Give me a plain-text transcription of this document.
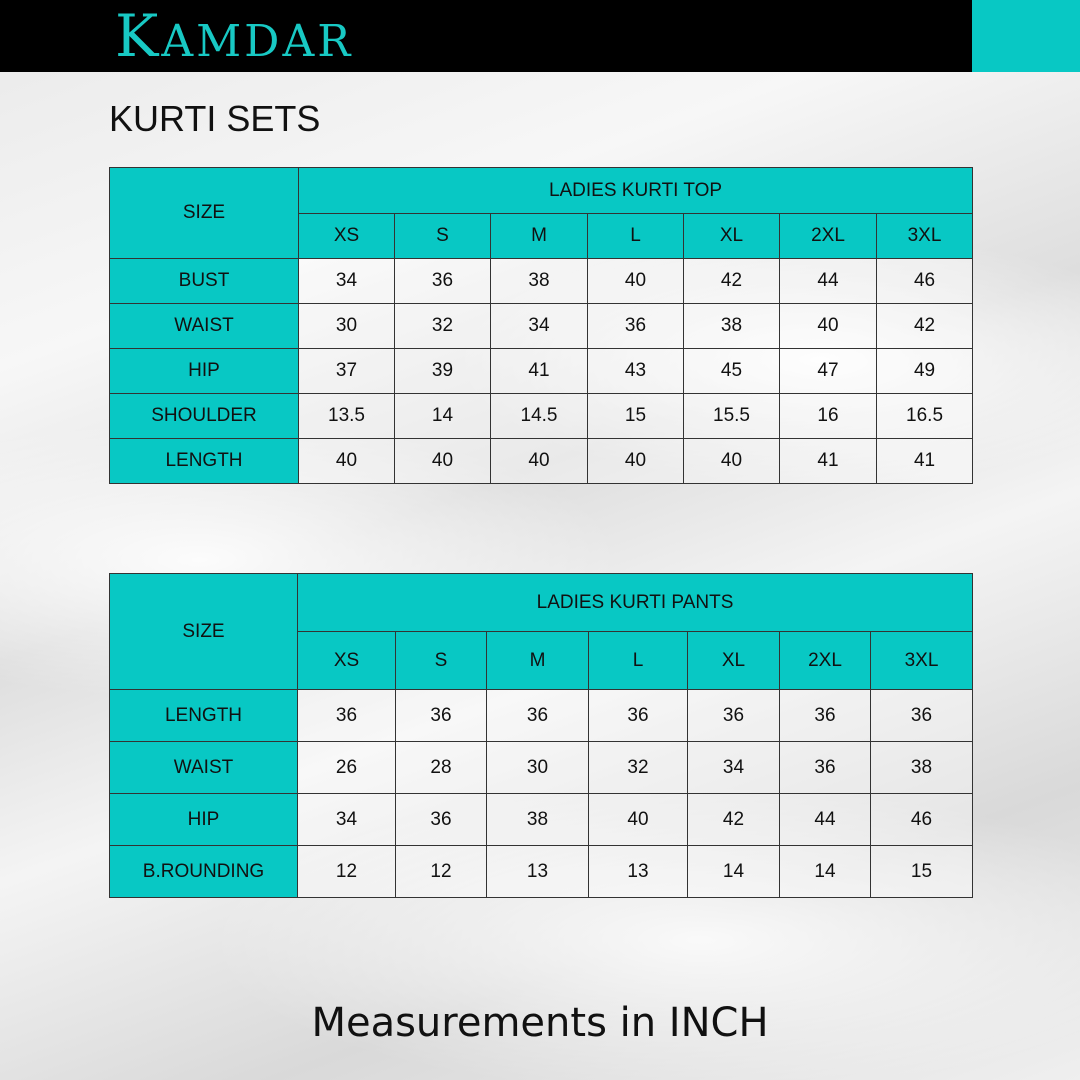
KAMDAR
KURTI SETS
SIZE	LADIES KURTI TOP						
	XS	S	M	L	XL	2XL	3XL
BUST	34	36	38	40	42	44	46
WAIST	30	32	34	36	38	40	42
HIP	37	39	41	43	45	47	49
SHOULDER	13.5	14	14.5	15	15.5	16	16.5
LENGTH	40	40	40	40	40	41	41
SIZE	LADIES KURTI PANTS						
	XS	S	M	L	XL	2XL	3XL
LENGTH	36	36	36	36	36	36	36
WAIST	26	28	30	32	34	36	38
HIP	34	36	38	40	42	44	46
B.ROUNDING	12	12	13	13	14	14	15
Measurements in INCH
